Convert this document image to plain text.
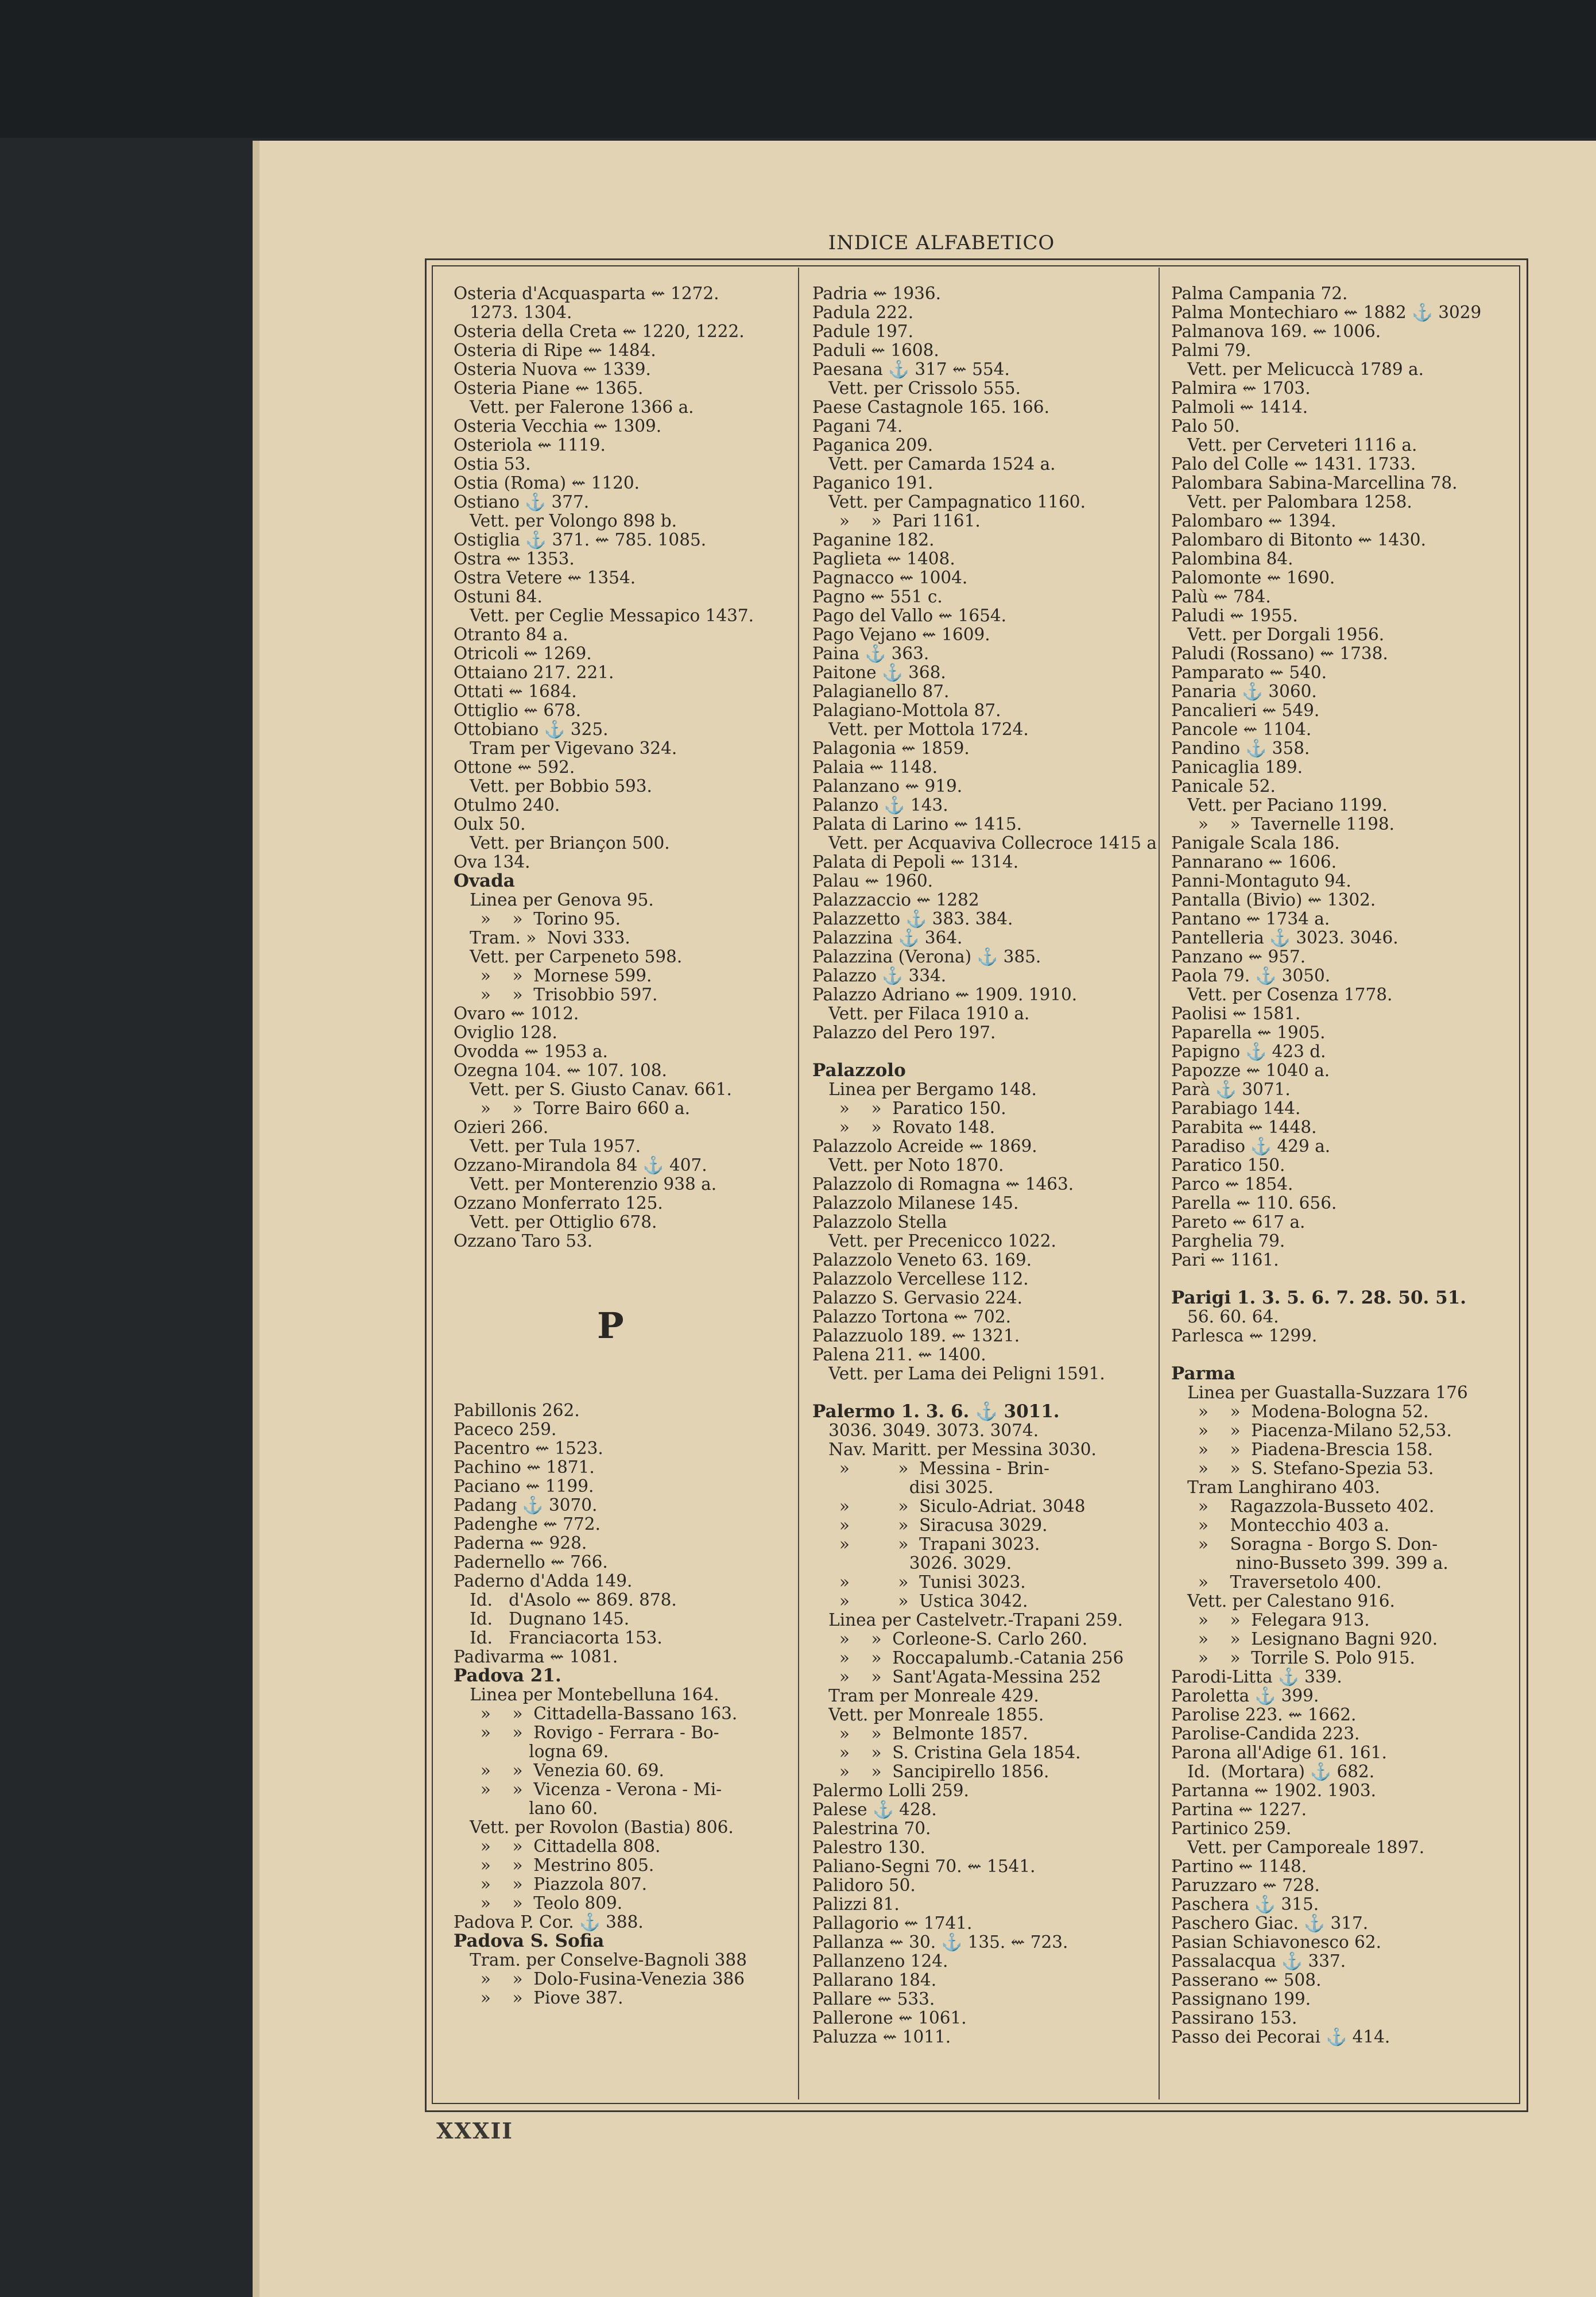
INDICE ALFABETICO
Osteria d'Acquasparta ⇜ 1272.
1273. 1304.
Osteria della Creta ⇜ 1220, 1222.
Osteria di Ripe ⇜ 1484.
Osteria Nuova ⇜ 1339.
Osteria Piane ⇜ 1365.
Vett. per Falerone 1366 a.
Osteria Vecchia ⇜ 1309.
Osteriola ⇜ 1119.
Ostia 53.
Ostia (Roma) ⇜ 1120.
Ostiano ⚓ 377.
Vett. per Volongo 898 b.
Ostiglia ⚓ 371. ⇜ 785. 1085.
Ostra ⇜ 1353.
Ostra Vetere ⇜ 1354.
Ostuni 84.
Vett. per Ceglie Messapico 1437.
Otranto 84 a.
Otricoli ⇜ 1269.
Ottaiano 217. 221.
Ottati ⇜ 1684.
Ottiglio ⇜ 678.
Ottobiano ⚓ 325.
Tram per Vigevano 324.
Ottone ⇜ 592.
Vett. per Bobbio 593.
Otulmo 240.
Oulx 50.
Vett. per Briançon 500.
Ova 134.
Ovada
Linea per Genova 95.
»    »  Torino 95.
Tram. »  Novi 333.
Vett. per Carpeneto 598.
»    »  Mornese 599.
»    »  Trisobbio 597.
Ovaro ⇜ 1012.
Oviglio 128.
Ovodda ⇜ 1953 a.
Ozegna 104. ⇜ 107. 108.
Vett. per S. Giusto Canav. 661.
»    »  Torre Bairo 660 a.
Ozieri 266.
Vett. per Tula 1957.
Ozzano-Mirandola 84 ⚓ 407.
Vett. per Monterenzio 938 a.
Ozzano Monferrato 125.
Vett. per Ottiglio 678.
Ozzano Taro 53.
P
Pabillonis 262.
Paceco 259.
Pacentro ⇜ 1523.
Pachino ⇜ 1871.
Paciano ⇜ 1199.
Padang ⚓ 3070.
Padenghe ⇜ 772.
Paderna ⇜ 928.
Padernello ⇜ 766.
Paderno d'Adda 149.
Id.   d'Asolo ⇜ 869. 878.
Id.   Dugnano 145.
Id.   Franciacorta 153.
Padivarma ⇜ 1081.
Padova 21.
Linea per Montebelluna 164.
»    »  Cittadella-Bassano 163.
»    »  Rovigo - Ferrara - Bo-
logna 69.
»    »  Venezia 60. 69.
»    »  Vicenza - Verona - Mi-
lano 60.
Vett. per Rovolon (Bastia) 806.
»    »  Cittadella 808.
»    »  Mestrino 805.
»    »  Piazzola 807.
»    »  Teolo 809.
Padova P. Cor. ⚓ 388.
Padova S. Sofia
Tram. per Conselve-Bagnoli 388
»    »  Dolo-Fusina-Venezia 386
»    »  Piove 387.
Padria ⇜ 1936.
Padula 222.
Padule 197.
Paduli ⇜ 1608.
Paesana ⚓ 317 ⇜ 554.
Vett. per Crissolo 555.
Paese Castagnole 165. 166.
Pagani 74.
Paganica 209.
Vett. per Camarda 1524 a.
Paganico 191.
Vett. per Campagnatico 1160.
»    »  Pari 1161.
Paganine 182.
Paglieta ⇜ 1408.
Pagnacco ⇜ 1004.
Pagno ⇜ 551 c.
Pago del Vallo ⇜ 1654.
Pago Vejano ⇜ 1609.
Paina ⚓ 363.
Paitone ⚓ 368.
Palagianello 87.
Palagiano-Mottola 87.
Vett. per Mottola 1724.
Palagonia ⇜ 1859.
Palaia ⇜ 1148.
Palanzano ⇜ 919.
Palanzo ⚓ 143.
Palata di Larino ⇜ 1415.
Vett. per Acquaviva Collecroce 1415 a
Palata di Pepoli ⇜ 1314.
Palau ⇜ 1960.
Palazzaccio ⇜ 1282
Palazzetto ⚓ 383. 384.
Palazzina ⚓ 364.
Palazzina (Verona) ⚓ 385.
Palazzo ⚓ 334.
Palazzo Adriano ⇜ 1909. 1910.
Vett. per Filaca 1910 a.
Palazzo del Pero 197.
Palazzolo
Linea per Bergamo 148.
»    »  Paratico 150.
»    »  Rovato 148.
Palazzolo Acreide ⇜ 1869.
Vett. per Noto 1870.
Palazzolo di Romagna ⇜ 1463.
Palazzolo Milanese 145.
Palazzolo Stella
Vett. per Precenicco 1022.
Palazzolo Veneto 63. 169.
Palazzolo Vercellese 112.
Palazzo S. Gervasio 224.
Palazzo Tortona ⇜ 702.
Palazzuolo 189. ⇜ 1321.
Palena 211. ⇜ 1400.
Vett. per Lama dei Peligni 1591.
Palermo 1. 3. 6. ⚓ 3011.
3036. 3049. 3073. 3074.
Nav. Maritt. per Messina 3030.
»         »  Messina - Brin-
disi 3025.
»         »  Siculo-Adriat. 3048
»         »  Siracusa 3029.
»         »  Trapani 3023.
3026. 3029.
»         »  Tunisi 3023.
»         »  Ustica 3042.
Linea per Castelvetr.-Trapani 259.
»    »  Corleone-S. Carlo 260.
»    »  Roccapalumb.-Catania 256
»    »  Sant'Agata-Messina 252
Tram per Monreale 429.
Vett. per Monreale 1855.
»    »  Belmonte 1857.
»    »  S. Cristina Gela 1854.
»    »  Sancipirello 1856.
Palermo Lolli 259.
Palese ⚓ 428.
Palestrina 70.
Palestro 130.
Paliano-Segni 70. ⇜ 1541.
Palidoro 50.
Palizzi 81.
Pallagorio ⇜ 1741.
Pallanza ⇜ 30. ⚓ 135. ⇜ 723.
Pallanzeno 124.
Pallarano 184.
Pallare ⇜ 533.
Pallerone ⇜ 1061.
Paluzza ⇜ 1011.
Palma Campania 72.
Palma Montechiaro ⇜ 1882 ⚓ 3029
Palmanova 169. ⇜ 1006.
Palmi 79.
Vett. per Melicuccà 1789 a.
Palmira ⇜ 1703.
Palmoli ⇜ 1414.
Palo 50.
Vett. per Cerveteri 1116 a.
Palo del Colle ⇜ 1431. 1733.
Palombara Sabina-Marcellina 78.
Vett. per Palombara 1258.
Palombaro ⇜ 1394.
Palombaro di Bitonto ⇜ 1430.
Palombina 84.
Palomonte ⇜ 1690.
Palù ⇜ 784.
Paludi ⇜ 1955.
Vett. per Dorgali 1956.
Paludi (Rossano) ⇜ 1738.
Pamparato ⇜ 540.
Panaria ⚓ 3060.
Pancalieri ⇜ 549.
Pancole ⇜ 1104.
Pandino ⚓ 358.
Panicaglia 189.
Panicale 52.
Vett. per Paciano 1199.
»    »  Tavernelle 1198.
Panigale Scala 186.
Pannarano ⇜ 1606.
Panni-Montaguto 94.
Pantalla (Bivio) ⇜ 1302.
Pantano ⇜ 1734 a.
Pantelleria ⚓ 3023. 3046.
Panzano ⇜ 957.
Paola 79. ⚓ 3050.
Vett. per Cosenza 1778.
Paolisi ⇜ 1581.
Paparella ⇜ 1905.
Papigno ⚓ 423 d.
Papozze ⇜ 1040 a.
Parà ⚓ 3071.
Parabiago 144.
Parabita ⇜ 1448.
Paradiso ⚓ 429 a.
Paratico 150.
Parco ⇜ 1854.
Parella ⇜ 110. 656.
Pareto ⇜ 617 a.
Parghelia 79.
Pari ⇜ 1161.
Parigi 1. 3. 5. 6. 7. 28. 50. 51.
56. 60. 64.
Parlesca ⇜ 1299.
Parma
Linea per Guastalla-Suzzara 176
»    »  Modena-Bologna 52.
»    »  Piacenza-Milano 52,53.
»    »  Piadena-Brescia 158.
»    »  S. Stefano-Spezia 53.
Tram Langhirano 403.
»    Ragazzola-Busseto 402.
»    Montecchio 403 a.
»    Soragna - Borgo S. Don-
nino-Busseto 399. 399 a.
»    Traversetolo 400.
Vett. per Calestano 916.
»    »  Felegara 913.
»    »  Lesignano Bagni 920.
»    »  Torrile S. Polo 915.
Parodi-Litta ⚓ 339.
Paroletta ⚓ 399.
Parolise 223. ⇜ 1662.
Parolise-Candida 223.
Parona all'Adige 61. 161.
Id.  (Mortara) ⚓ 682.
Partanna ⇜ 1902. 1903.
Partina ⇜ 1227.
Partinico 259.
Vett. per Camporeale 1897.
Partino ⇜ 1148.
Paruzzaro ⇜ 728.
Paschera ⚓ 315.
Paschero Giac. ⚓ 317.
Pasian Schiavonesco 62.
Passalacqua ⚓ 337.
Passerano ⇜ 508.
Passignano 199.
Passirano 153.
Passo dei Pecorai ⚓ 414.
XXXII
